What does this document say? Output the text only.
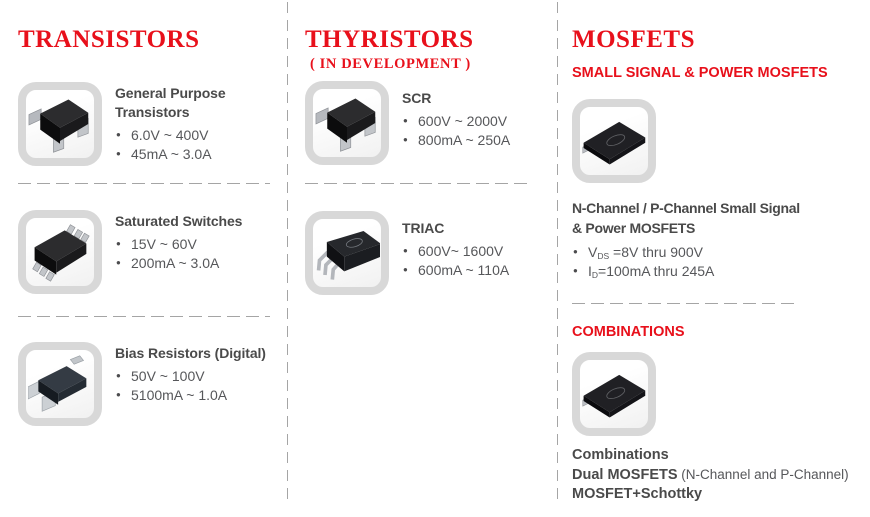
TRANSISTORS
General Purpose
Transistors
● 6.0V ~ 400V
● 45mA ~ 3.0A
Saturated Switches
● 15V ~ 60V
● 200mA ~ 3.0A
Bias Resistors (Digital)
● 50V ~ 100V
● 5100mA ~ 1.0A
THYRISTORS
( IN DEVELOPMENT )
SCR
● 600V ~ 2000V
● 800mA ~ 250A
TRIAC
● 600V~ 1600V
● 600mA ~ 110A
MOSFETS
SMALL SIGNAL & POWER MOSFETS
N-Channel / P-Channel Small Signal
& Power MOSFETS
● $V_{DS} =8V$ thru 900V
● $I_D=100mA$ thru 245A
COMBINATIONS
Combinations
Dual MOSFETS (N-Channel and P-Channel)
MOSFET+Schottky
